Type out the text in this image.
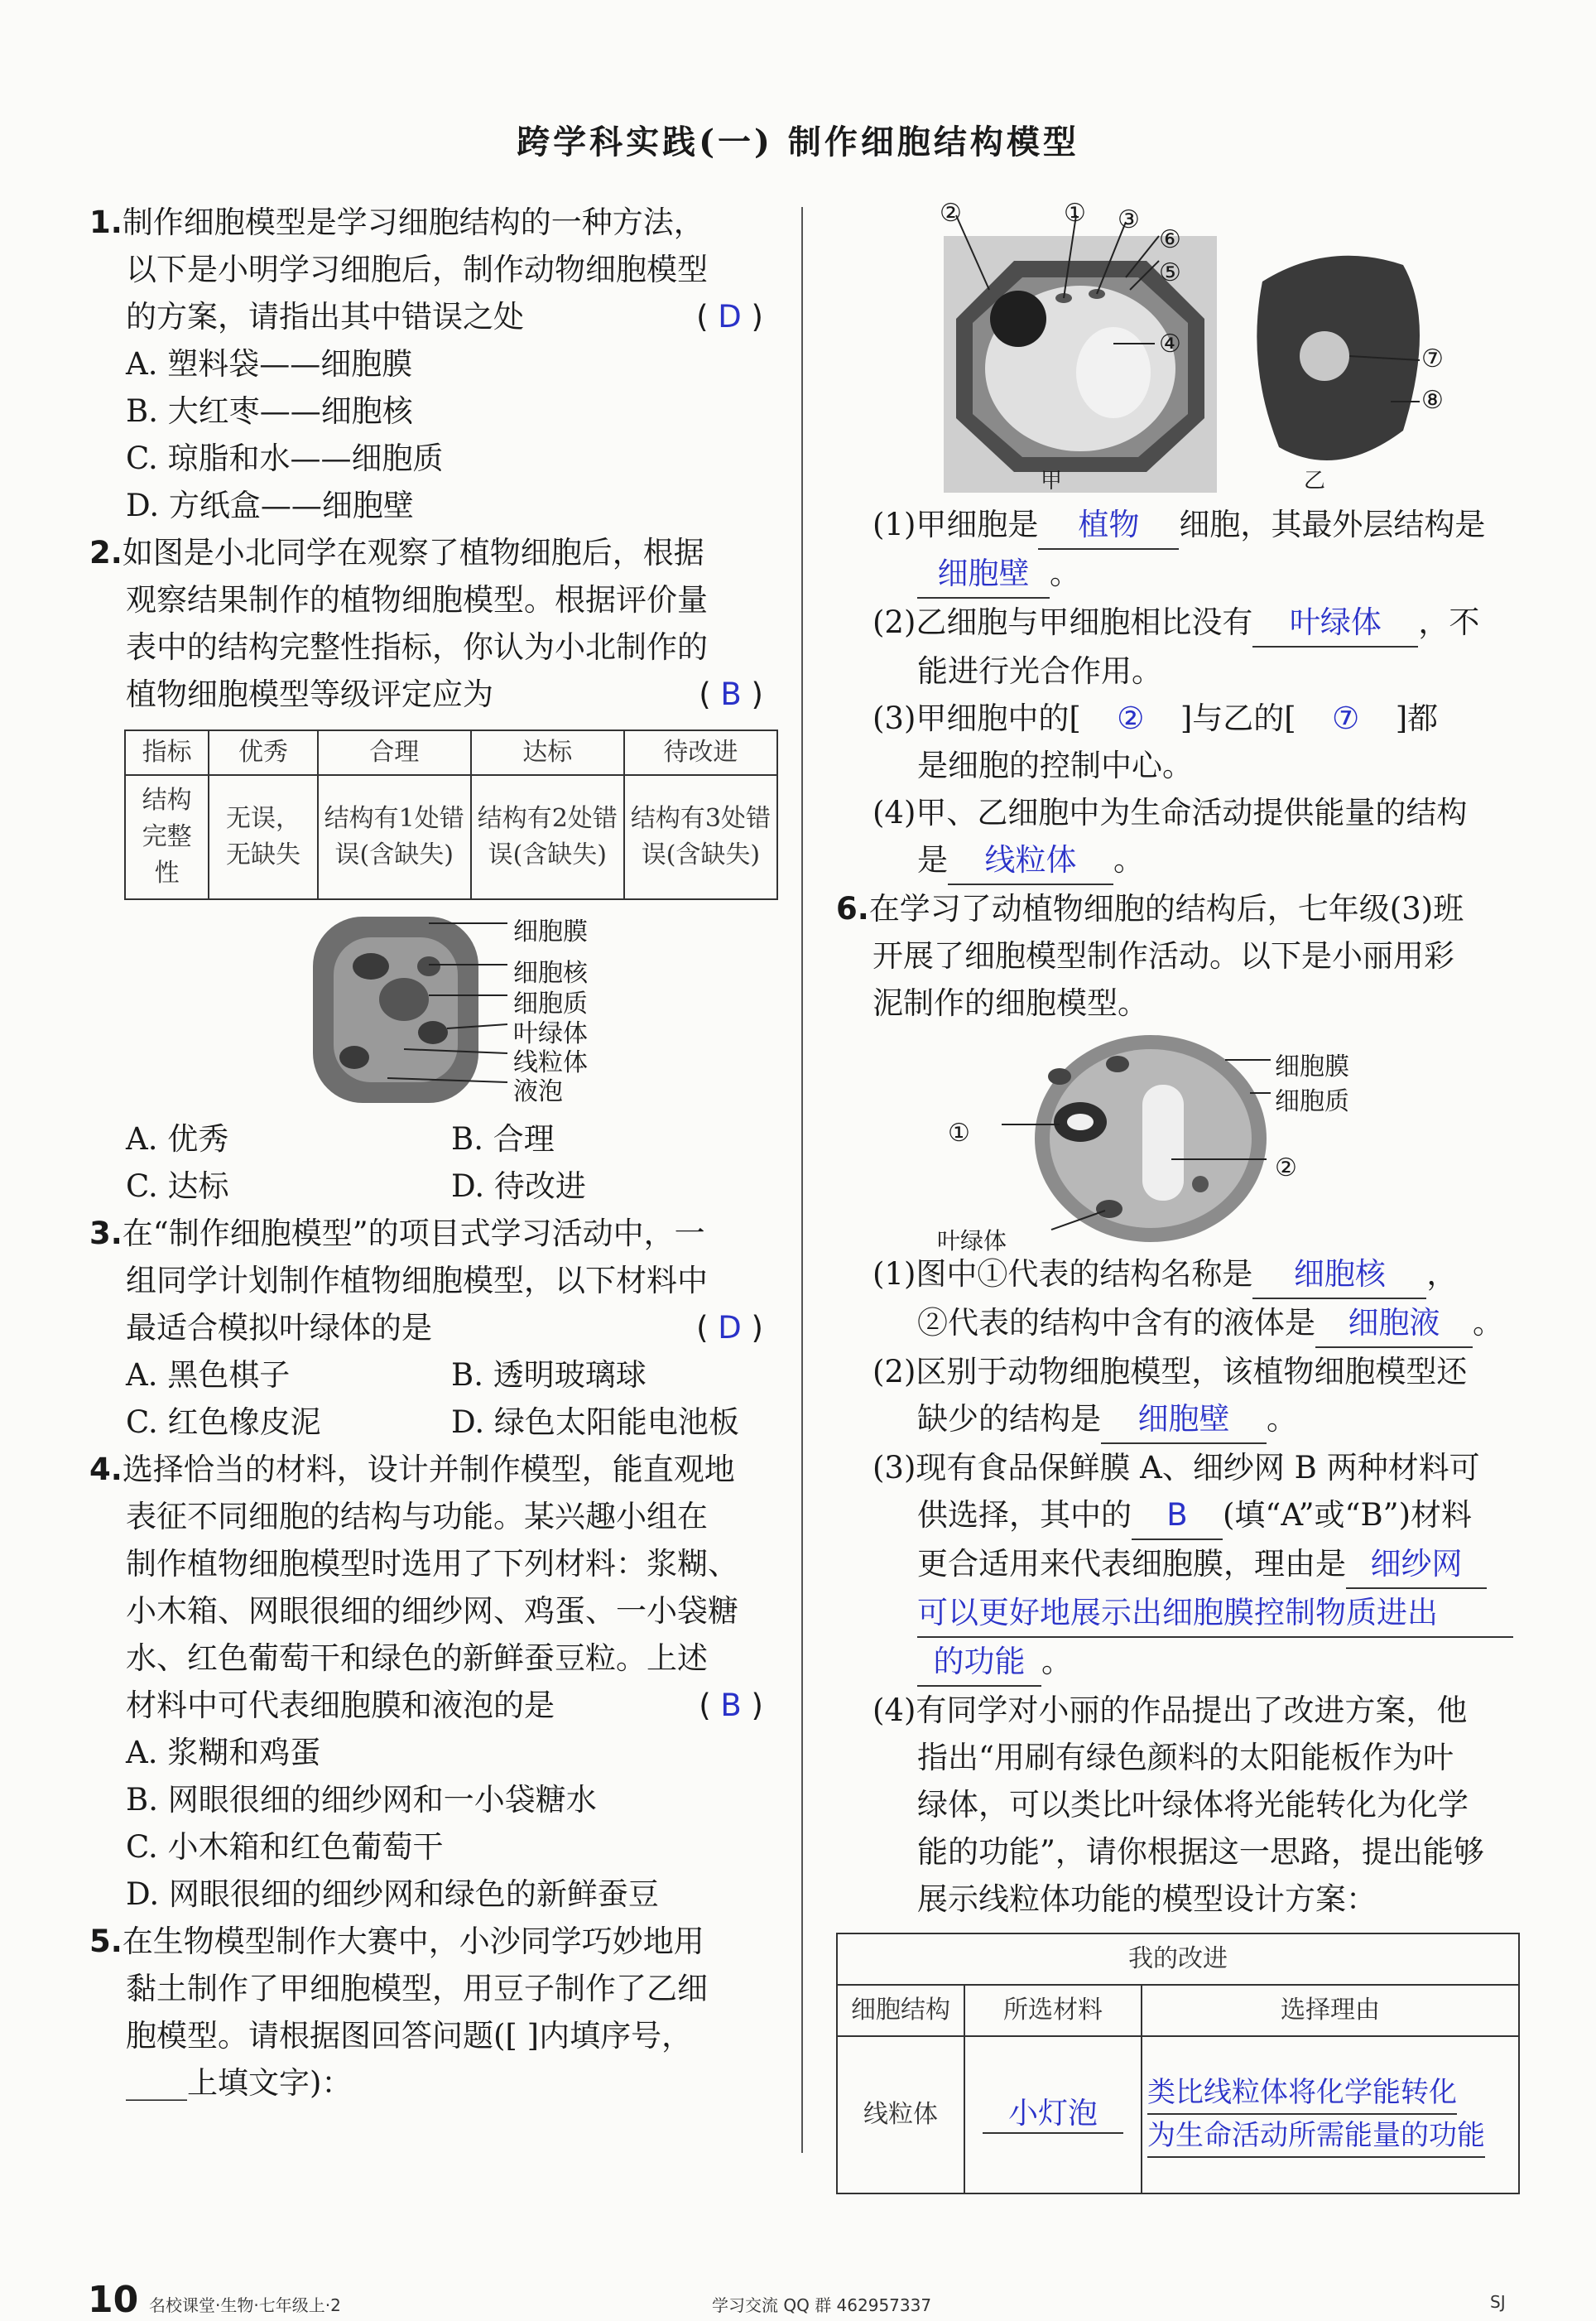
跨学科实践(一) 制作细胞结构模型
1.制作细胞模型是学习细胞结构的一种方法，
以下是小明学习细胞后，制作动物细胞模型
的方案，请指出其中错误之处	( D )
A. 塑料袋——细胞膜
B. 大红枣——细胞核
C. 琼脂和水——细胞质
D. 方纸盒——细胞壁
2.如图是小北同学在观察了植物细胞后，根据
观察结果制作的植物细胞模型。根据评价量
表中的结构完整性指标，你认为小北制作的
植物细胞模型等级评定应为	( B )
指标	优秀	合理	达标	待改进
结构完整性	无误，无缺失	结构有1处错误(含缺失)	结构有2处错误(含缺失)	结构有3处错误(含缺失)
细胞膜
细胞核
细胞质
叶绿体
线粒体
液泡
A. 优秀	B. 合理
C. 达标	D. 待改进
3.在“制作细胞模型”的项目式学习活动中，一
组同学计划制作植物细胞模型，以下材料中
最适合模拟叶绿体的是	( D )
A. 黑色棋子	B. 透明玻璃球
C. 红色橡皮泥	D. 绿色太阳能电池板
4.选择恰当的材料，设计并制作模型，能直观地
表征不同细胞的结构与功能。某兴趣小组在
制作植物细胞模型时选用了下列材料：浆糊、
小木箱、网眼很细的细纱网、鸡蛋、一小袋糖
水、红色葡萄干和绿色的新鲜蚕豆粒。上述
材料中可代表细胞膜和液泡的是	( B )
A. 浆糊和鸡蛋
B. 网眼很细的细纱网和一小袋糖水
C. 小木箱和红色葡萄干
D. 网眼很细的细纱网和绿色的新鲜蚕豆
5.在生物模型制作大赛中，小沙同学巧妙地用
黏土制作了甲细胞模型，用豆子制作了乙细
胞模型。请根据图回答问题([ ]内填序号，
____上填文字)：
②	① ③
⑥
⑤
④
⑦
⑧
甲	乙
(1)甲细胞是 植物 细胞，其最外层结构是
细胞壁 。
(2)乙细胞与甲细胞相比没有 叶绿体 ，不
能进行光合作用。
(3)甲细胞中的[ ② ]与乙的[ ⑦ ]都
是细胞的控制中心。
(4)甲、乙细胞中为生命活动提供能量的结构
是 线粒体 。
6.在学习了动植物细胞的结构后，七年级(3)班
开展了细胞模型制作活动。以下是小丽用彩
泥制作的细胞模型。
细胞膜
细胞质
①
②
叶绿体
(1)图中①代表的结构名称是 细胞核 ，
②代表的结构中含有的液体是 细胞液 。
(2)区别于动物细胞模型，该植物细胞模型还
缺少的结构是 细胞壁 。
(3)现有食品保鲜膜 A、细纱网 B 两种材料可
供选择，其中的 B (填“A”或“B”)材料
更合适用来代表细胞膜，理由是 细纱网
可以更好地展示出细胞膜控制物质进出
的功能 。
(4)有同学对小丽的作品提出了改进方案，他
指出“用刷有绿色颜料的太阳能板作为叶
绿体，可以类比叶绿体将光能转化为化学
能的功能”，请你根据这一思路，提出能够
展示线粒体功能的模型设计方案：
我的改进		
细胞结构	所选材料	选择理由
线粒体	小灯泡	类比线粒体将化学能转化 为生命活动所需能量的功能
10 名校课堂·生物·七年级上·2	学习交流 QQ 群 462957337	SJ
